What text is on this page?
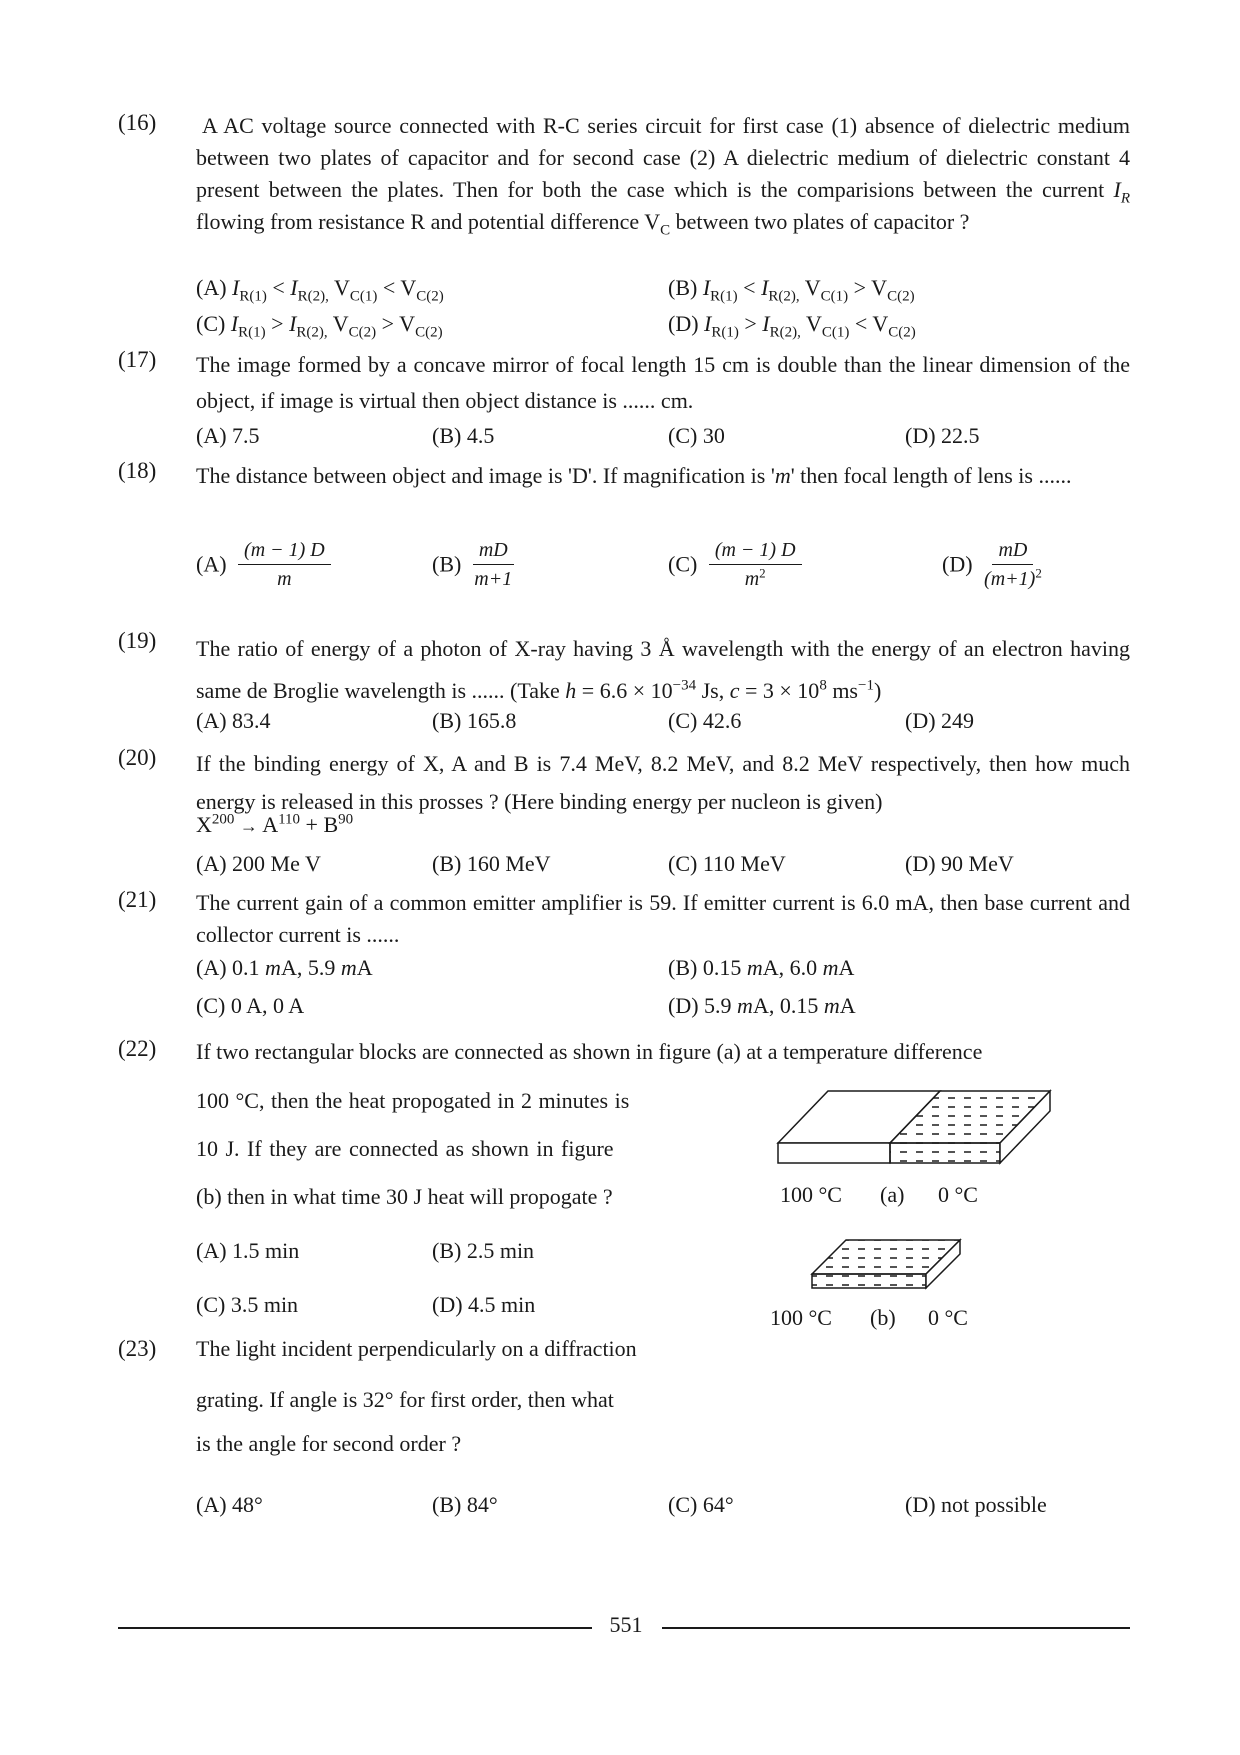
(16) A AC voltage source connected with R-C series circuit for first case (1) absence of dielectric medium between two plates of capacitor and for second case (2) A dielectric medium of dielectric constant 4 present between the plates. Then for both the case which is the comparisions between the current $I_R$ flowing from resistance R and potential difference $V_C$ between two plates of capacitor ?
(A) $I_{R(1)} < I_{R(2),}$ $V_{C(1)} < V_{C(2)}$	(B) $I_{R(1)} < I_{R(2),}$ $V_{C(1)} > V_{C(2)}$
(C) $I_{R(1)} > I_{R(2),}$ $V_{C(2)} > V_{C(2)}$	(D) $I_{R(1)} > I_{R(2),}$ $V_{C(1)} < V_{C(2)}$
(17) The image formed by a concave mirror of focal length 15 cm is double than the linear dimension of the object, if image is virtual then object distance is ...... cm.
(A) 7.5	(B) 4.5	(C) 30	(D) 22.5
(18) The distance between object and image is 'D'. If magnification is 'm' then focal length of lens is ......
$(A) \frac{(m - 1) D}{m}$	$(B) \frac{mD}{m+1}$	$(C) \frac{(m - 1) D}{m^2}$	$(D) \frac{mD}{(m+1)^2}$
(19) The ratio of energy of a photon of X-ray having 3 Å wavelength with the energy of an electron having same de Broglie wavelength is ...... (Take $h = 6.6 \times 10^{-34}$ Js, $c = 3 \times 10^8$ $ms^{-1}$)
(A) 83.4	(B) 165.8	(C) 42.6	(D) 249
(20) If the binding energy of X, A and B is 7.4 MeV, 8.2 MeV, and 8.2 MeV respectively, then how much energy is released in this prosses ? (Here binding energy per nucleon is given)
$X^{200} \to A^{110} + B^{90}$
(A) 200 Me V	(B) 160 MeV	(C) 110 MeV	(D) 90 MeV
(21) The current gain of a common emitter amplifier is 59. If emitter current is 6.0 mA, then base current and collector current is ......
(A) 0.1 mA, 5.9 mA	(B) 0.15 mA, 6.0 mA
(C) 0 A, 0 A	(D) 5.9 mA, 0.15 mA
(22) If two rectangular blocks are connected as shown in figure (a) at a temperature difference
100 °C, then the heat propogated in 2 minutes is
10 J. If they are connected as shown in figure
(b) then in what time 30 J heat will propogate ?
(A) 1.5 min	(B) 2.5 min
(C) 3.5 min	(D) 4.5 min
100 °C (a) 0 °C
100 °C (b) 0 °C
(23) The light incident perpendicularly on a diffraction
grating. If angle is 32° for first order, then what
is the angle for second order ?
(A) 48°	(B) 84°	(C) 64°	(D) not possible
551
